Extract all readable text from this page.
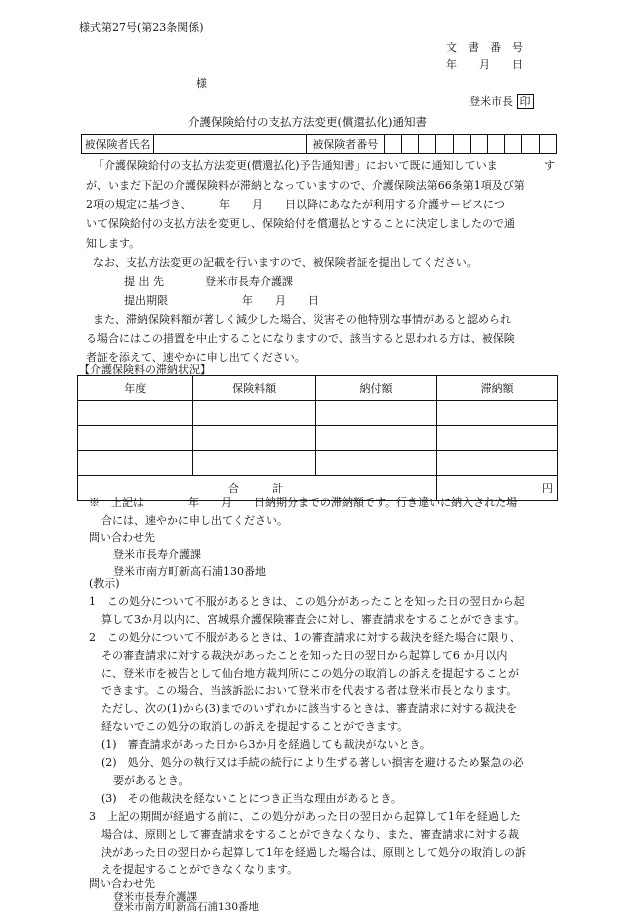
様式第27号(第23条関係)
文　書　番　号
年　　月　　日
様
登米市長 印
介護保険給付の支払方法変更(償還払化)通知書
被保険者氏名		被保険者番号										
「介護保険給付の支払方法変更(償還払化)予告通知書」において既に通知していま	す
が、いまだ下記の介護保険料が滞納となっていますので、介護保険法第66条第1項及び第
2項の規定に基づき、　　　年　　月　　日以降にあなたが利用する介護サービスにつ
いて保険給付の支払方法を変更し、保険給付を償還払とすることに決定しましたので通
知します。
なお、支払方法変更の記載を行いますので、被保険者証を提出してください。
提 出 先	登米市長寿介護課
提出期限	年　　月　　日
また、滞納保険料額が著しく減少した場合、災害その他特別な事情があると認められ
る場合にはこの措置を中止することになりますので、該当すると思われる方は、被保険
者証を添えて、速やかに申し出てください。
【介護保険料の滞納状況】
年度	保険料額	納付額	滞納額

合　　　計			円
※　上記は　　　　年　　月　　日納期分までの滞納額です。行き違いに納入された場
合には、速やかに申し出てください。
問い合わせ先
登米市長寿介護課
登米市南方町新高石浦130番地
(教示)
1　この処分について不服があるときは、この処分があったことを知った日の翌日から起
算して3か月以内に、宮城県介護保険審査会に対し、審査請求をすることができます。
2　この処分について不服があるときは、1の審査請求に対する裁決を経た場合に限り、
その審査請求に対する裁決があったことを知った日の翌日から起算して6 か月以内
に、登米市を被告として仙台地方裁判所にこの処分の取消しの訴えを提起することが
できます。この場合、当該訴訟において登米市を代表する者は登米市長となります。
ただし、次の(1)から(3)までのいずれかに該当するときは、審査請求に対する裁決を
経ないでこの処分の取消しの訴えを提起することができます。
(1)　審査請求があった日から3か月を経過しても裁決がないとき。
(2)　処分、処分の執行又は手続の続行により生ずる著しい損害を避けるため緊急の必
要があるとき。
(3)　その他裁決を経ないことにつき正当な理由があるとき。
3　上記の期間が経過する前に、この処分があった日の翌日から起算して1年を経過した
場合は、原則として審査請求をすることができなくなり、また、審査請求に対する裁
決があった日の翌日から起算して1年を経過した場合は、原則として処分の取消しの訴
えを提起することができなくなります。
問い合わせ先
登米市長寿介護課
登米市南方町新高石浦130番地
